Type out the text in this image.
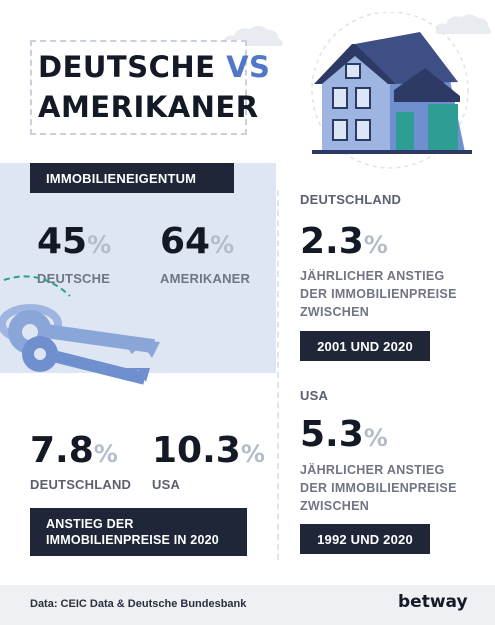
DEUTSCHE VS
AMERIKANER
IMMOBILIENEIGENTUM
45%
DEUTSCHE
64%
AMERIKANER
7.8%
DEUTSCHLAND
10.3%
USA
ANSTIEG DER
IMMOBILIENPREISE IN 2020
DEUTSCHLAND
2.3%
JÄHRLICHER ANSTIEG
DER IMMOBILIENPREISE
ZWISCHEN
2001 UND 2020
USA
5.3%
JÄHRLICHER ANSTIEG
DER IMMOBILIENPREISE
ZWISCHEN
1992 UND 2020
Data: CEIC Data & Deutsche Bundesbank	betway
